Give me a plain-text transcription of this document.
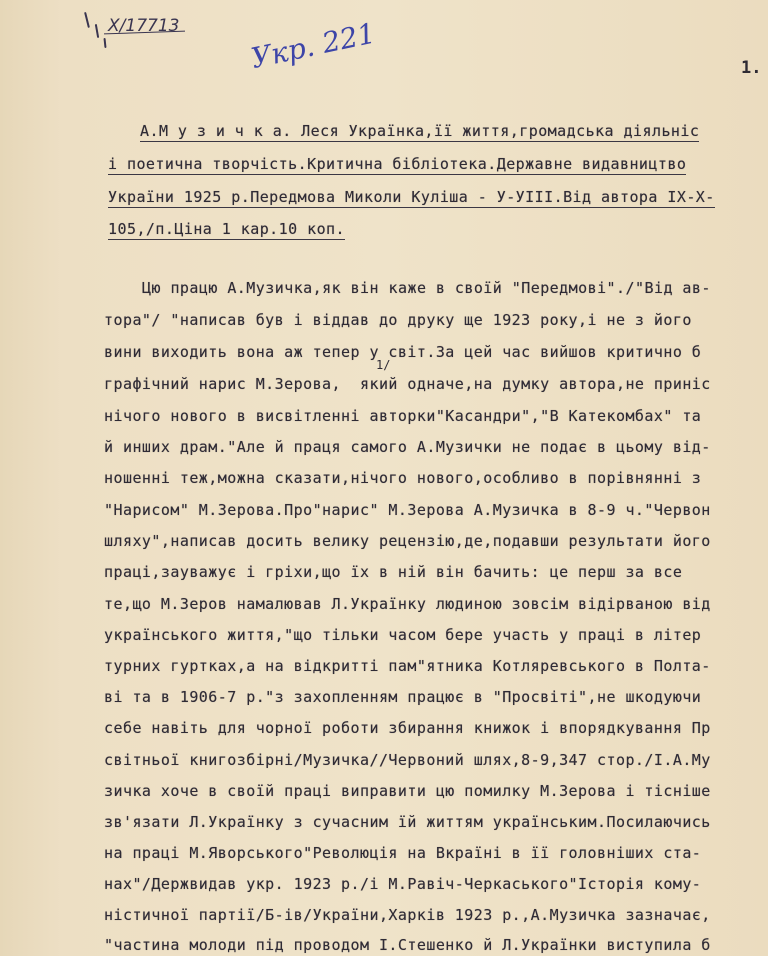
Х/17713 Укр. 221	1.
А.М у з и ч к а. Леся Українка,її життя,громадська діяльніс
і поетична творчість.Критична бібліотека.Державне видавництво
України 1925 р.Передмова Миколи Куліша - У-УІІІ.Від автора ІХ-Х-
105,/п.Ціна 1 кар.10 коп.
1/
Цю працю А.Музичка,як він каже в своїй "Передмові"./"Від ав-
тора"/ "написав був і віддав до друку ще 1923 року,і не з його
вини виходить вона аж тепер у світ.За цей час вийшов критично б
графічний нарис М.Зерова,  який одначе,на думку автора,не приніс
нічого нового в висвітленні авторки"Касандри","В Катекомбах" та
й инших драм."Але й праця самого А.Музички не подає в цьому від-
ношенні теж,можна сказати,нічого нового,особливо в порівнянні з
"Нарисом" М.Зерова.Про"нарис" М.Зерова А.Музичка в 8-9 ч."Червон
шляху",написав досить велику рецензію,де,подавши результати його
праці,зауважує і гріхи,що їх в ній він бачить: це перш за все
те,що М.Зеров намалював Л.Українку людиною зовсім відірваною від
українського життя,"що тільки часом бере участь у праці в літер
турних гуртках,а на відкритті пам"ятника Котляревського в Полта-
ві та в 1906-7 р."з захопленням працює в "Просвіті",не шкодуючи
себе навіть для чорної роботи збирання книжок і впорядкування Пр
світньої книгозбірні/Музичка//Червоний шлях,8-9,347 стор./І.А.Му
зичка хоче в своїй праці виправити цю помилку М.Зерова і тісніше
зв'язати Л.Українку з сучасним їй життям українським.Посилаючись
на праці М.Яворського"Революція на Вкраїні в її головніших ста-
нах"/Держвидав укр. 1923 р./і М.Равіч-Черкаського"Історія кому-
ністичної партії/Б-ів/України,Харків 1923 р.,А.Музичка зазначає,
"частина молоди під проводом І.Стешенко й Л.Українки виступила б
